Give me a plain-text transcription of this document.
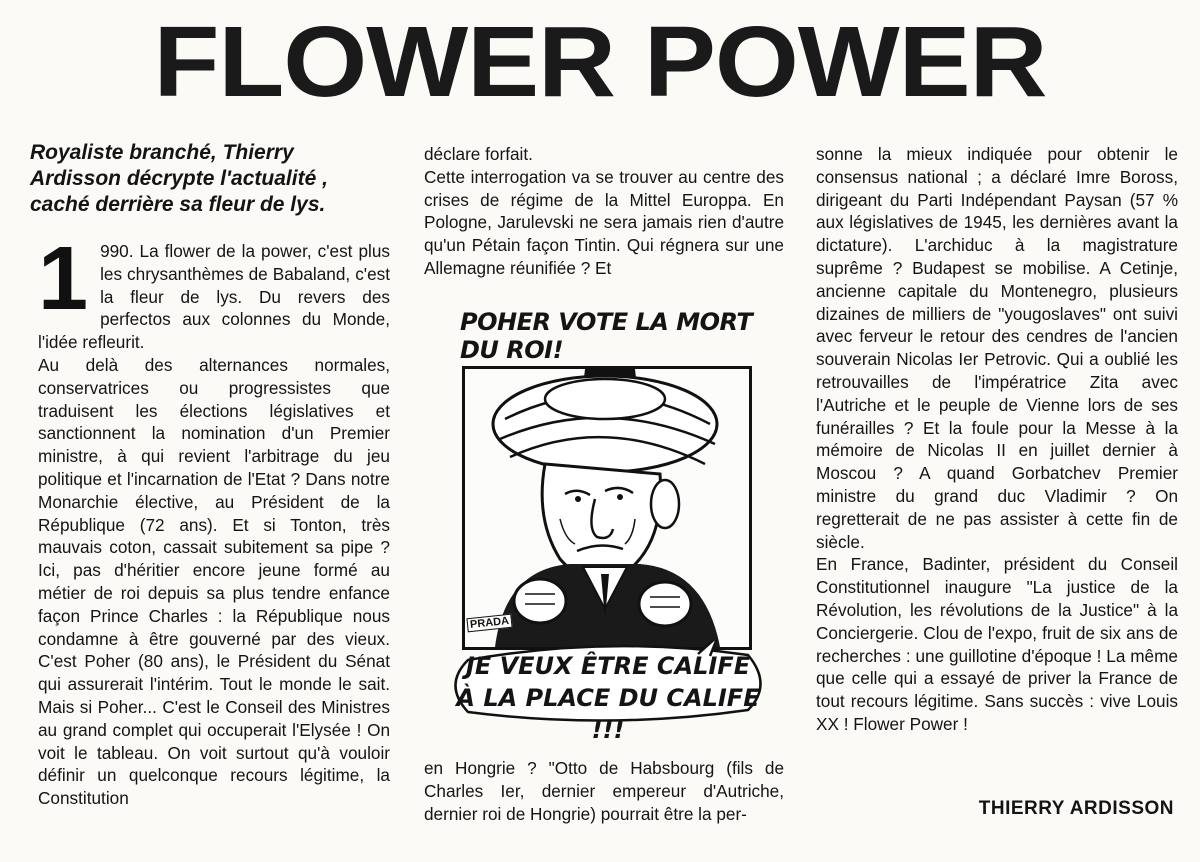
FLOWER POWER
Royaliste branché, Thierry
Ardisson décrypte l'actualité ,
caché derrière sa fleur de lys.
1 990. La flower de la power, c'est plus les chrysanthèmes de Babaland, c'est la fleur de lys. Du revers des perfectos aux colonnes du Monde, l'idée refleurit.

Au delà des alternances normales, conservatrices ou progressistes que traduisent les élections législatives et sanctionnent la nomination d'un Premier ministre, à qui revient l'arbitrage du jeu politique et l'incarnation de l'Etat ? Dans notre Monarchie élective, au Président de la République (72 ans). Et si Tonton, très mauvais coton, cassait subitement sa pipe ? Ici, pas d'héritier encore jeune formé au métier de roi depuis sa plus tendre enfance façon Prince Charles : la République nous condamne à être gouverné par des vieux. C'est Poher (80 ans), le Président du Sénat qui assurerait l'intérim. Tout le monde le sait. Mais si Poher... C'est le Conseil des Ministres au grand complet qui occuperait l'Elysée ! On voit le tableau. On voit surtout qu'à vouloir définir un quelconque recours légitime, la Constitution

déclare forfait.

Cette interrogation va se trouver au centre des crises de régime de la Mittel Europpa. En Pologne, Jarulevski ne sera jamais rien d'autre qu'un Pétain façon Tintin. Qui régnera sur une Allemagne réunifiée ? Et

POHER VOTE LA MORT DU ROI!
PRADA
JE VEUX ÊTRE CALIFE
À LA PLACE DU CALIFE !!!

en Hongrie ? "Otto de Habsbourg (fils de Charles Ier, dernier empereur d'Autriche, dernier roi de Hongrie) pourrait être la per-

sonne la mieux indiquée pour obtenir le consensus national ; a déclaré Imre Boross, dirigeant du Parti Indépendant Paysan (57 % aux législatives de 1945, les dernières avant la dictature). L'archiduc à la magistrature suprême ? Budapest se mobilise. A Cetinje, ancienne capitale du Montenegro, plusieurs dizaines de milliers de "yougoslaves" ont suivi avec ferveur le retour des cendres de l'ancien souverain Nicolas Ier Petrovic. Qui a oublié les retrouvailles de l'impératrice Zita avec l'Autriche et le peuple de Vienne lors de ses funérailles ? Et la foule pour la Messe à la mémoire de Nicolas II en juillet dernier à Moscou ? A quand Gorbatchev Premier ministre du grand duc Vladimir ? On regretterait de ne pas assister à cette fin de siècle.

En France, Badinter, président du Conseil Constitutionnel inaugure "La justice de la Révolution, les révolutions de la Justice" à la Conciergerie. Clou de l'expo, fruit de six ans de recherches : une guillotine d'époque ! La même que celle qui a essayé de priver la France de tout recours légitime. Sans succès : vive Louis XX ! Flower Power !

THIERRY ARDISSON
